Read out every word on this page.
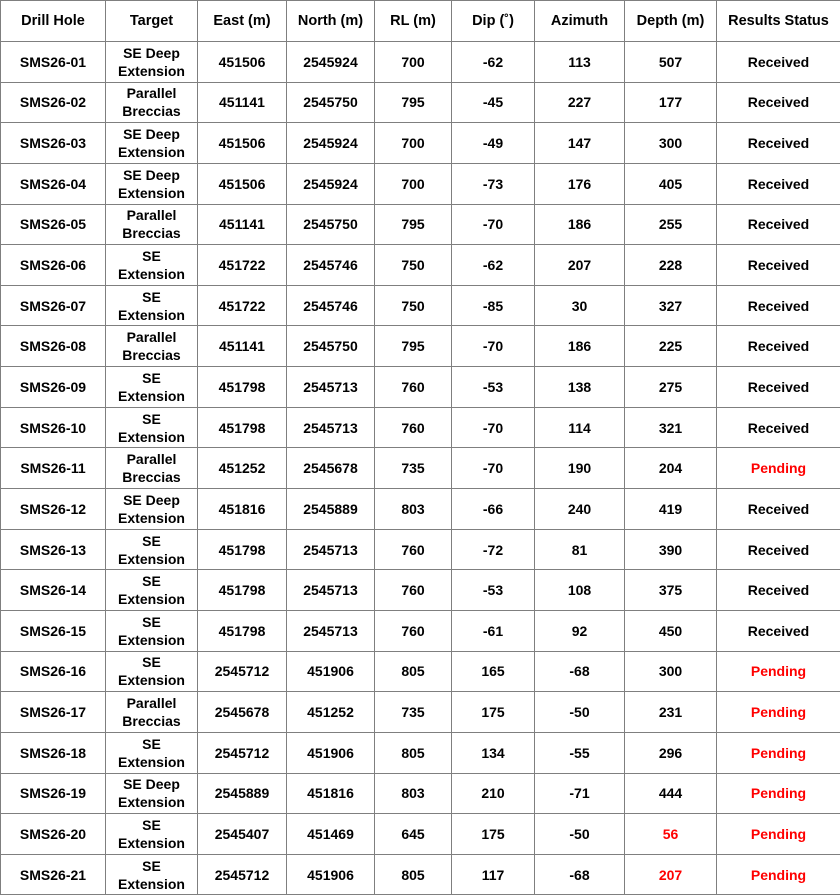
Drill Hole	Target	East (m)	North (m)	RL (m)	Dip (˚)	Azimuth	Depth (m)	Results Status
SMS26-01	SE Deep Extension	451506	2545924	700	-62	113	507	Received
SMS26-02	Parallel Breccias	451141	2545750	795	-45	227	177	Received
SMS26-03	SE Deep Extension	451506	2545924	700	-49	147	300	Received
SMS26-04	SE Deep Extension	451506	2545924	700	-73	176	405	Received
SMS26-05	Parallel Breccias	451141	2545750	795	-70	186	255	Received
SMS26-06	SE Extension	451722	2545746	750	-62	207	228	Received
SMS26-07	SE Extension	451722	2545746	750	-85	30	327	Received
SMS26-08	Parallel Breccias	451141	2545750	795	-70	186	225	Received
SMS26-09	SE Extension	451798	2545713	760	-53	138	275	Received
SMS26-10	SE Extension	451798	2545713	760	-70	114	321	Received
SMS26-11	Parallel Breccias	451252	2545678	735	-70	190	204	Pending
SMS26-12	SE Deep Extension	451816	2545889	803	-66	240	419	Received
SMS26-13	SE Extension	451798	2545713	760	-72	81	390	Received
SMS26-14	SE Extension	451798	2545713	760	-53	108	375	Received
SMS26-15	SE Extension	451798	2545713	760	-61	92	450	Received
SMS26-16	SE Extension	2545712	451906	805	165	-68	300	Pending
SMS26-17	Parallel Breccias	2545678	451252	735	175	-50	231	Pending
SMS26-18	SE Extension	2545712	451906	805	134	-55	296	Pending
SMS26-19	SE Deep Extension	2545889	451816	803	210	-71	444	Pending
SMS26-20	SE Extension	2545407	451469	645	175	-50	56	Pending
SMS26-21	SE Extension	2545712	451906	805	117	-68	207	Pending
